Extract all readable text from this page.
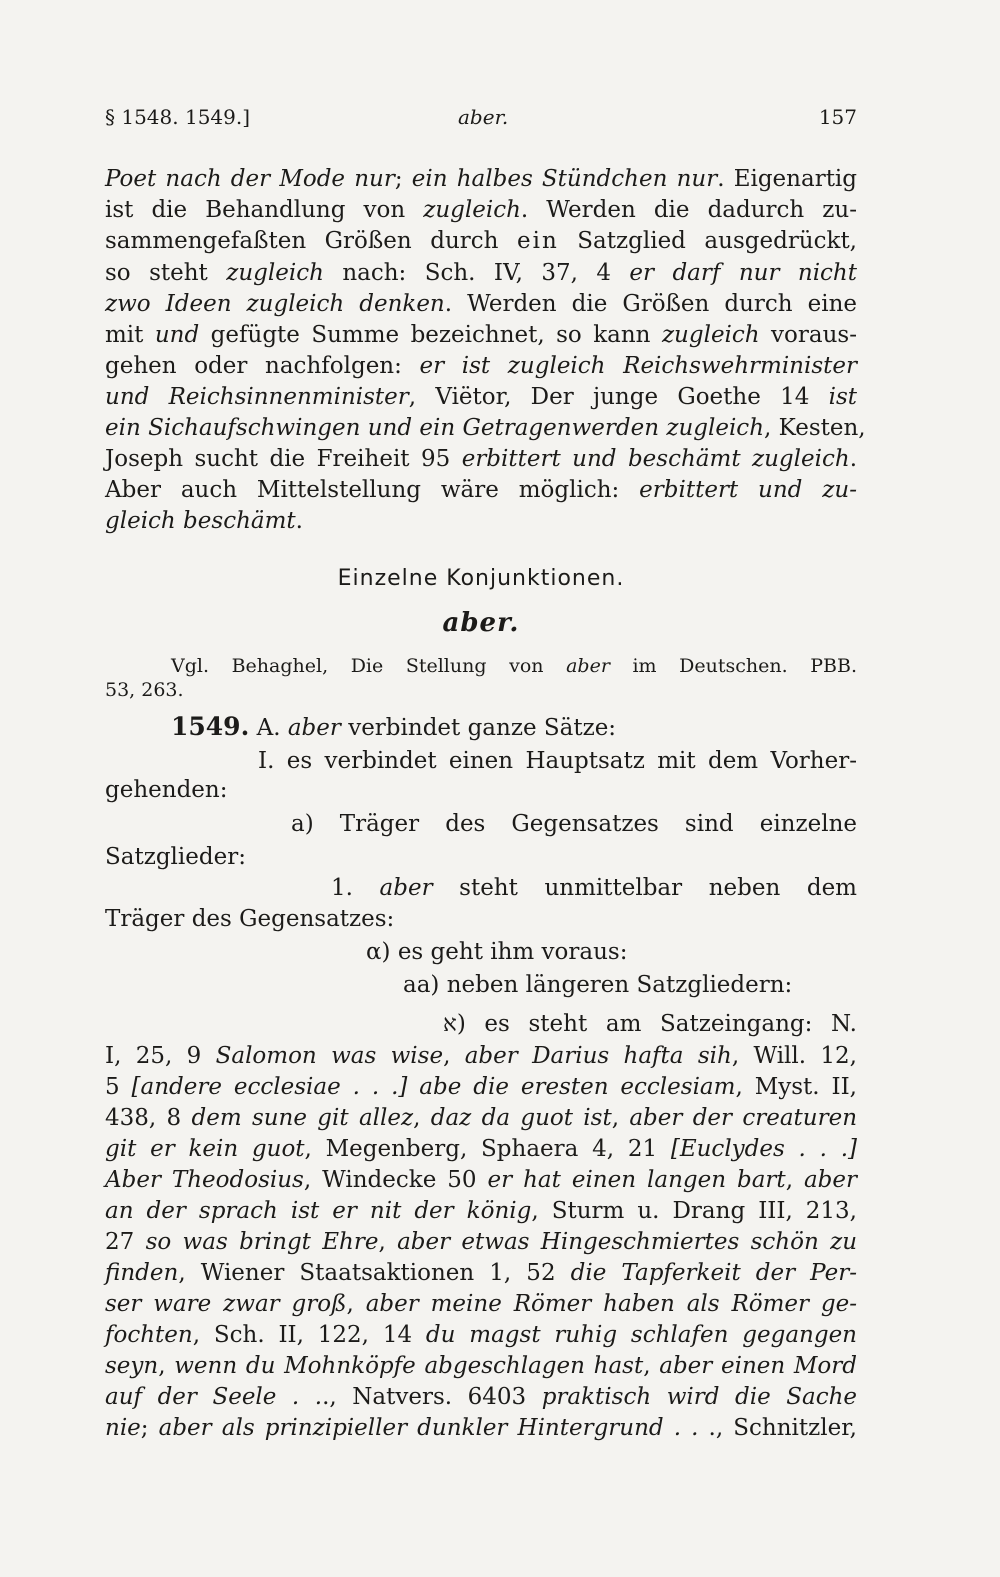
§ 1548. 1549.]	aber.	157
Poet nach der Mode nur; ein halbes Stündchen nur. Eigenartig
ist die Behandlung von zugleich. Werden die dadurch zu-
sammengefaßten Größen durch ein Satzglied ausgedrückt,
so steht zugleich nach: Sch. IV, 37, 4 er darf nur nicht
zwo Ideen zugleich denken. Werden die Größen durch eine
mit und gefügte Summe bezeichnet, so kann zugleich voraus-
gehen oder nachfolgen: er ist zugleich Reichswehrminister
und Reichsinnenminister, Viëtor, Der junge Goethe 14 ist
ein Sichaufschwingen und ein Getragenwerden zugleich, Kesten,
Joseph sucht die Freiheit 95 erbittert und beschämt zugleich.
Aber auch Mittelstellung wäre möglich: erbittert und zu-
gleich beschämt.
Einzelne Konjunktionen.
aber.
Vgl. Behaghel, Die Stellung von aber im Deutschen. PBB.
53, 263.
1549. A. aber verbindet ganze Sätze:
I. es verbindet einen Hauptsatz mit dem Vorher-
gehenden:
a) Träger des Gegensatzes sind einzelne
Satzglieder:
1. aber steht unmittelbar neben dem
Träger des Gegensatzes:
α) es geht ihm voraus:
aa) neben längeren Satzgliedern:
א) es steht am Satzeingang: N.
I, 25, 9 Salomon was wise, aber Darius hafta sih, Will. 12,
5 [andere ecclesiae . . .] abe die eresten ecclesiam, Myst. II,
438, 8 dem sune git allez, daz da guot ist, aber der creaturen
git er kein guot, Megenberg, Sphaera 4, 21 [Euclydes . . .]
Aber Theodosius, Windecke 50 er hat einen langen bart, aber
an der sprach ist er nit der könig, Sturm u. Drang III, 213,
27 so was bringt Ehre, aber etwas Hingeschmiertes schön zu
finden, Wiener Staatsaktionen 1, 52 die Tapferkeit der Per-
ser ware zwar groß, aber meine Römer haben als Römer ge-
fochten, Sch. II, 122, 14 du magst ruhig schlafen gegangen
seyn, wenn du Mohnköpfe abgeschlagen hast, aber einen Mord
auf der Seele . .., Natvers. 6403 praktisch wird die Sache
nie; aber als prinzipieller dunkler Hintergrund . . ., Schnitzler,
